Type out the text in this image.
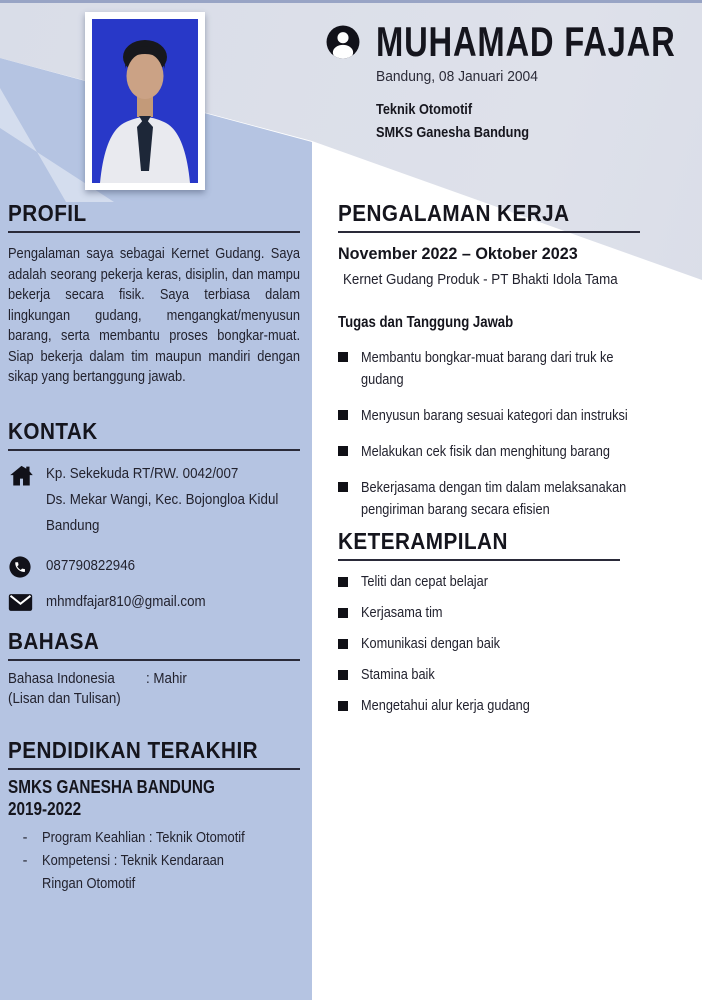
MUHAMAD FAJAR
Bandung, 08 Januari 2004
Teknik Otomotif
SMKS Ganesha Bandung
PROFIL

Pengalaman saya sebagai Kernet Gudang. Saya adalah seorang pekerja keras, disiplin, dan mampu bekerja secara fisik. Saya terbiasa dalam lingkungan gudang, mengangkat/menyusun barang, serta membantu proses bongkar-muat. Siap bekerja dalam tim maupun mandiri dengan sikap yang bertanggung jawab.

KONTAK
Kp. Sekekuda RT/RW. 0042/007
Ds. Mekar Wangi, Kec. Bojongloa Kidul
Bandung
087790822946
mhmdfajar810@gmail.com
BAHASA
Bahasa Indonesia	: Mahir
(Lisan dan Tulisan)
PENDIDIKAN TERAKHIR
SMKS GANESHA BANDUNG
2019-2022
-	Program Keahlian : Teknik Otomotif
-	Kompetensi : Teknik Kendaraan Ringan Otomotif
PENGALAMAN KERJA
November 2022 – Oktober 2023
Kernet Gudang Produk - PT Bhakti Idola Tama
Tugas dan Tanggung Jawab
Membantu bongkar-muat barang dari truk ke gudang
Menyusun barang sesuai kategori dan instruksi
Melakukan cek fisik dan menghitung barang
Bekerjasama dengan tim dalam melaksanakan pengiriman barang secara efisien
KETERAMPILAN
Teliti dan cepat belajar
Kerjasama tim
Komunikasi dengan baik
Stamina baik
Mengetahui alur kerja gudang
